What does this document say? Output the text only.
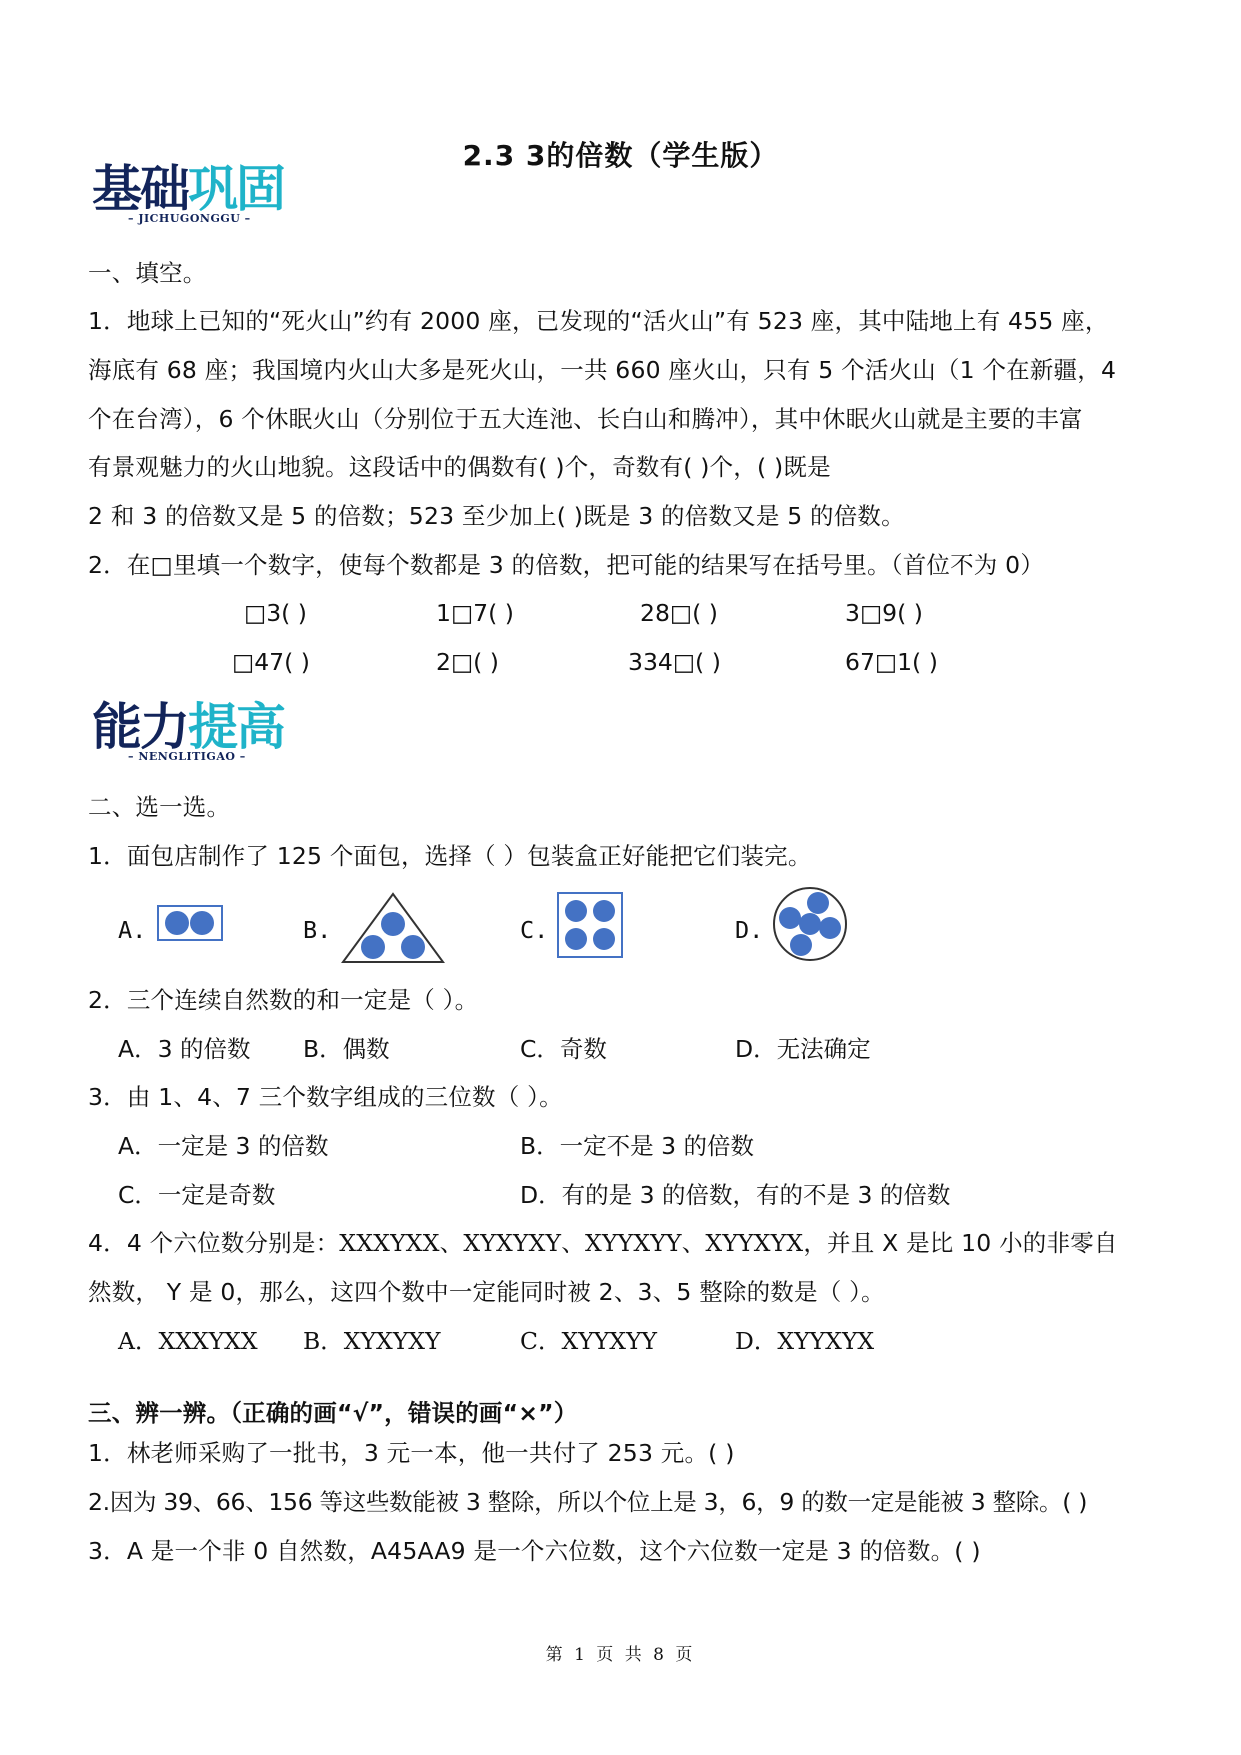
2.3 3的倍数（学生版）
基础巩固
– JICHUGONGGU –
一、填空。
1．地球上已知的“死火山”约有 2000 座，已发现的“活火山”有 523 座，其中陆地上有 455 座，
海底有 68 座；我国境内火山大多是死火山，一共 660 座火山，只有 5 个活火山（1 个在新疆，4
个在台湾），6 个休眠火山（分别位于五大连池、长白山和腾冲），其中休眠火山就是主要的丰富
有景观魅力的火山地貌。这段话中的偶数有( )个，奇数有( )个，( )既是
2 和 3 的倍数又是 5 的倍数；523 至少加上( )既是 3 的倍数又是 5 的倍数。
2．在□里填一个数字，使每个数都是 3 的倍数，把可能的结果写在括号里。（首位不为 0）
□3( )	1□7( )	28□( )	3□9( )
□47( )	2□( )	334□( )	67□1( )
能力提高
– NENGLITIGAO –
二、选一选。
1．面包店制作了 125 个面包，选择（ ）包装盒正好能把它们装完。
A.	B.	C.	D.
2．三个连续自然数的和一定是（ ）。
A．3 的倍数 B．偶数	C．奇数	D．无法确定
3．由 1、4、7 三个数字组成的三位数（ ）。
A．一定是 3 的倍数	B．一定不是 3 的倍数
C．一定是奇数	D．有的是 3 的倍数，有的不是 3 的倍数
4．4 个六位数分别是：XXXYXX、XYXYXY、XYYXYY、XYYXYX，并且 X 是比 10 小的非零自
然数， Y 是 0，那么，这四个数中一定能同时被 2、3、5 整除的数是（ ）。
A．XXXYXX B．XYXYXY	C．XYYXYY	D．XYYXYX
三、辨一辨。（正确的画“√”，错误的画“×”）
1．林老师采购了一批书，3 元一本，他一共付了 253 元。( )
2.因为 39、66、156 等这些数能被 3 整除，所以个位上是 3，6，9 的数一定是能被 3 整除。( )
3．A 是一个非 0 自然数，A45AA9 是一个六位数，这个六位数一定是 3 的倍数。( )
第 1 页 共 8 页
